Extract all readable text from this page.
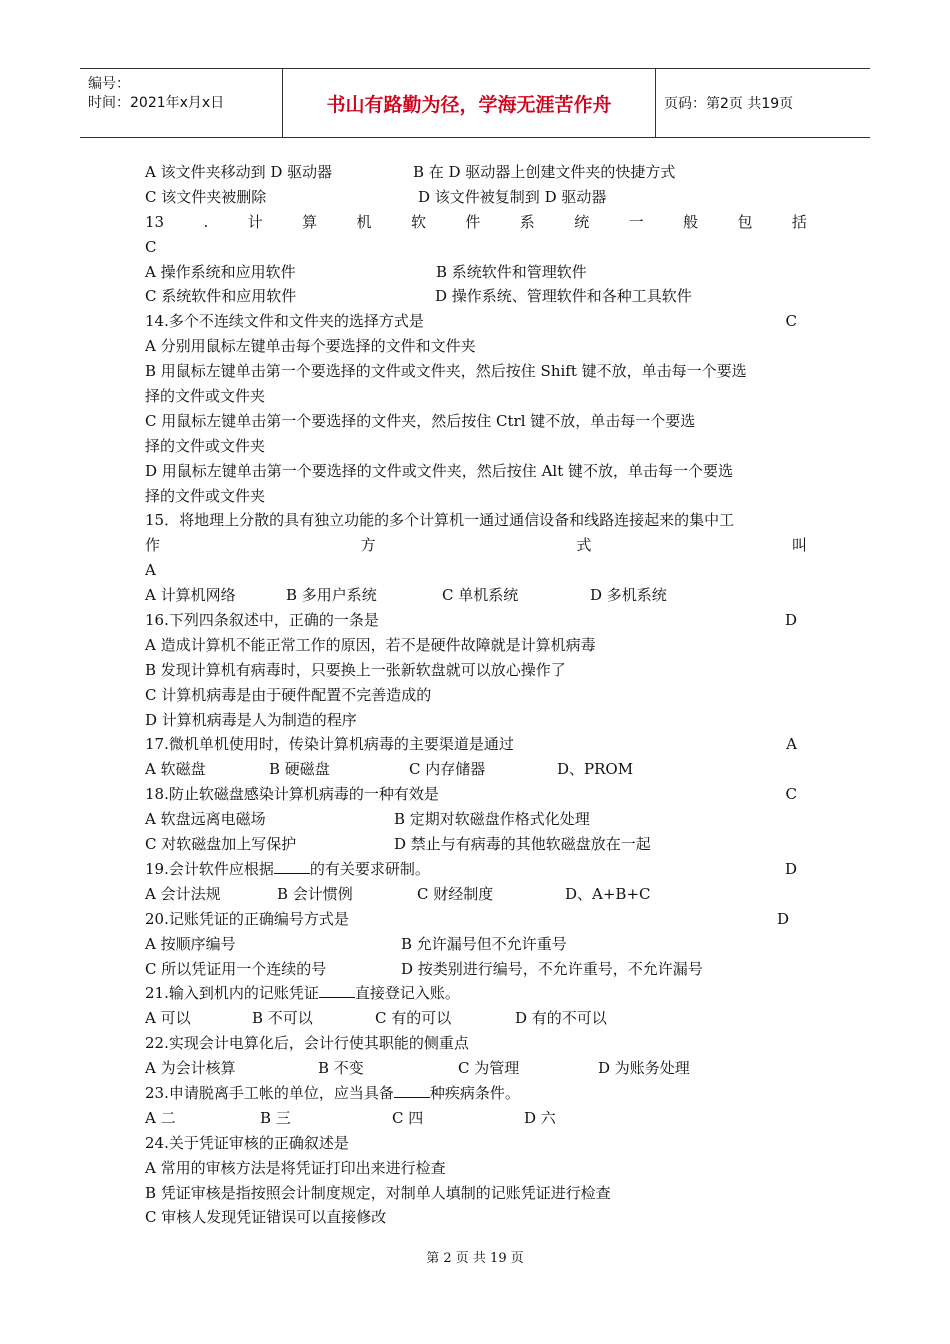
编号：
时间：2021年x月x日	书山有路勤为径，学海无涯苦作舟	页码：第2页 共19页
A 该文件夹移动到 D 驱动器	B 在 D 驱动器上创建文件夹的快捷方式
C 该文件夹被删除	D 该文件被复制到 D 驱动器
13	.	计	算	机	软	件	系	统	一	般	包	括
C
A 操作系统和应用软件	B 系统软件和管理软件
C 系统软件和应用软件	D 操作系统、管理软件和各种工具软件
14.多个不连续文件和文件夹的选择方式是	C
A 分别用鼠标左键单击每个要选择的文件和文件夹
B 用鼠标左键单击第一个要选择的文件或文件夹，然后按住 Shift 键不放，单击每一个要选
择的文件或文件夹
C 用鼠标左键单击第一个要选择的文件夹，然后按住 Ctrl 键不放，单击每一个要选
择的文件或文件夹
D 用鼠标左键单击第一个要选择的文件或文件夹，然后按住 Alt 键不放，单击每一个要选
择的文件或文件夹
15．将地理上分散的具有独立功能的多个计算机一通过通信设备和线路连接起来的集中工
作	方	式	叫
A
A 计算机网络	B 多用户系统	C 单机系统	D 多机系统
16.下列四条叙述中，正确的一条是	D
A 造成计算机不能正常工作的原因，若不是硬件故障就是计算机病毒
B 发现计算机有病毒时，只要换上一张新软盘就可以放心操作了
C 计算机病毒是由于硬件配置不完善造成的
D 计算机病毒是人为制造的程序
17.微机单机使用时，传染计算机病毒的主要渠道是通过	A
A 软磁盘	B 硬磁盘	C 内存储器	D、PROM
18.防止软磁盘感染计算机病毒的一种有效是	C
A 软盘远离电磁场	B 定期对软磁盘作格式化处理
C 对软磁盘加上写保护	D 禁止与有病毒的其他软磁盘放在一起
19.会计软件应根据 的有关要求研制。	D
A 会计法规	B 会计惯例	C 财经制度	D、A+B+C
20.记账凭证的正确编号方式是	D
A 按顺序编号	B 允许漏号但不允许重号
C 所以凭证用一个连续的号	D 按类别进行编号，不允许重号，不允许漏号
21.输入到机内的记账凭证 直接登记入账。
A 可以	B 不可以	C 有的可以	D 有的不可以
22.实现会计电算化后，会计行使其职能的侧重点
A 为会计核算	B 不变	C 为管理	D 为账务处理
23.申请脱离手工帐的单位，应当具备 种疾病条件。
A 二	B 三	C 四	D 六
24.关于凭证审核的正确叙述是
A 常用的审核方法是将凭证打印出来进行检查
B 凭证审核是指按照会计制度规定，对制单人填制的记账凭证进行检查
C 审核人发现凭证错误可以直接修改
第 2 页 共 19 页
